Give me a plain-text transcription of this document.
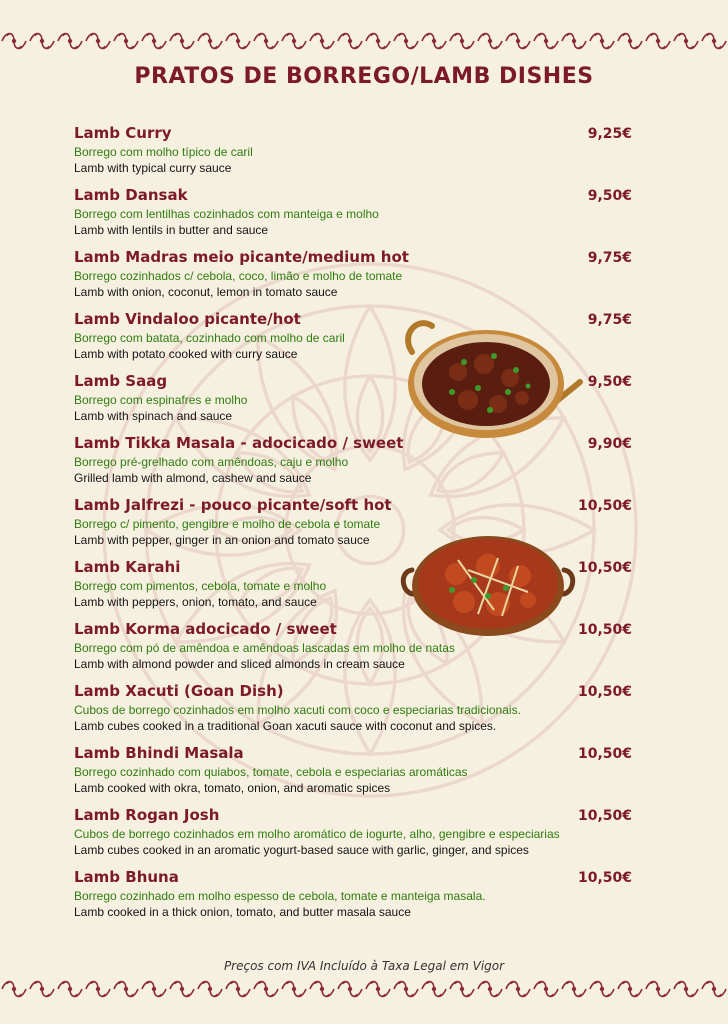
PRATOS DE BORREGO/LAMB DISHES
Lamb Curry	9,25€
Borrego com molho típico de caril
Lamb with typical curry sauce
Lamb Dansak	9,50€
Borrego com lentilhas cozinhados com manteiga e molho
Lamb with lentils in butter and sauce
Lamb Madras meio picante/medium hot	9,75€
Borrego cozinhados c/ cebola, coco, limão e molho de tomate
Lamb with onion, coconut, lemon in tomato sauce
Lamb Vindaloo picante/hot	9,75€
Borrego com batata, cozinhado com molho de caril
Lamb with potato cooked with curry sauce
Lamb Saag	9,50€
Borrego com espinafres e molho
Lamb with spinach and sauce
Lamb Tikka Masala - adocicado / sweet	9,90€
Borrego pré-grelhado com amêndoas, caju e molho
Grilled lamb with almond, cashew and sauce
Lamb Jalfrezi - pouco picante/soft hot	10,50€
Borrego c/ pimento, gengibre e molho de cebola e tomate
Lamb with pepper, ginger in an onion and tomato sauce
Lamb Karahi	10,50€
Borrego com pimentos, cebola, tomate e molho
Lamb with peppers, onion, tomato, and sauce
Lamb Korma adocicado / sweet	10,50€
Borrego com pó de amêndoa e amêndoas lascadas em molho de natas
Lamb with almond powder and sliced almonds in cream sauce
Lamb Xacuti (Goan Dish)	10,50€
Cubos de borrego cozinhados em molho xacuti com coco e especiarias tradicionais.
Lamb cubes cooked in a traditional Goan xacuti sauce with coconut and spices.
Lamb Bhindi Masala	10,50€
Borrego cozinhado com quiabos, tomate, cebola e especiarias aromáticas
Lamb cooked with okra, tomato, onion, and aromatic spices
Lamb Rogan Josh	10,50€
Cubos de borrego cozinhados em molho aromático de iogurte, alho, gengibre e especiarias
Lamb cubes cooked in an aromatic yogurt-based sauce with garlic, ginger, and spices
Lamb Bhuna	10,50€
Borrego cozinhado em molho espesso de cebola, tomate e manteiga masala.
Lamb cooked in a thick onion, tomato, and butter masala sauce
Preços com IVA Incluído à Taxa Legal em Vigor
